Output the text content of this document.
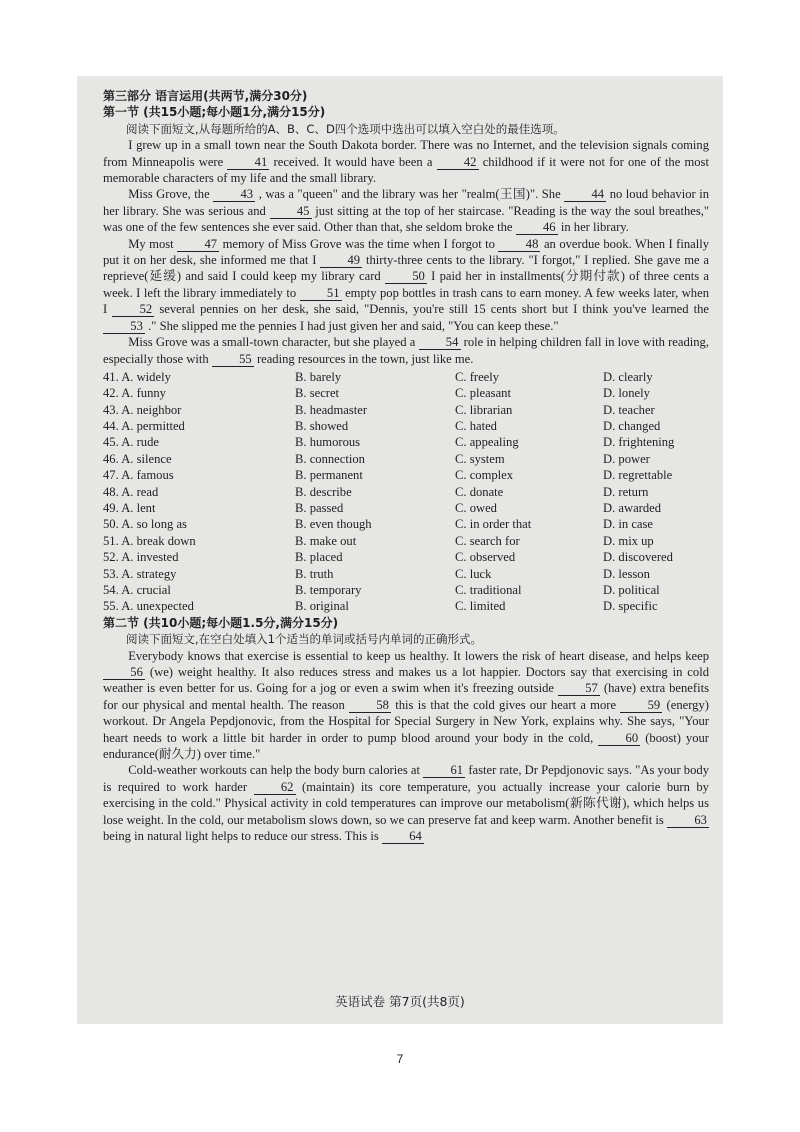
第三部分 语言运用(共两节,满分30分)

第一节 (共15小题;每小题1分,满分15分)

阅读下面短文,从每题所给的A、B、C、D四个选项中选出可以填入空白处的最佳选项。

I grew up in a small town near the South Dakota border. There was no Internet, and the television signals coming from Minneapolis were 41 received. It would have been a 42 childhood if it were not for one of the most memorable characters of my life and the small library.

Miss Grove, the 43 , was a "queen" and the library was her "realm(王国)". She 44 no loud behavior in her library. She was serious and 45 just sitting at the top of her staircase. "Reading is the way the soul breathes," was one of the few sentences she ever said. Other than that, she seldom broke the 46 in her library.

My most 47 memory of Miss Grove was the time when I forgot to 48 an overdue book. When I finally put it on her desk, she informed me that I 49 thirty-three cents to the library. "I forgot," I replied. She gave me a reprieve(延缓) and said I could keep my library card	50 I paid her in installments(分期付款) of three cents a week. I left the library immediately to 51 empty pop bottles in trash cans to earn money. A few weeks later, when I	52 several pennies on her desk, she said, "Dennis, you're still 15 cents short but I think you've learned the 53 ." She slipped me the pennies I had just given her and said, "You can keep these."

Miss Grove was a small-town character, but she played a 54 role in helping children fall in love with reading, especially those with 55 reading resources in the town, just like me.

41. A. widely	B. barely	C. freely	D. clearly
42. A. funny	B. secret	C. pleasant	D. lonely
43. A. neighbor	B. headmaster	C. librarian	D. teacher
44. A. permitted	B. showed	C. hated	D. changed
45. A. rude	B. humorous	C. appealing	D. frightening
46. A. silence	B. connection	C. system	D. power
47. A. famous	B. permanent	C. complex	D. regrettable
48. A. read	B. describe	C. donate	D. return
49. A. lent	B. passed	C. owed	D. awarded
50. A. so long as	B. even though	C. in order that	D. in case
51. A. break down	B. make out	C. search for	D. mix up
52. A. invested	B. placed	C. observed	D. discovered
53. A. strategy	B. truth	C. luck	D. lesson
54. A. crucial	B. temporary	C. traditional	D. political
55. A. unexpected	B. original	C. limited	D. specific

第二节 (共10小题;每小题1.5分,满分15分)

阅读下面短文,在空白处填入1个适当的单词或括号内单词的正确形式。

Everybody knows that exercise is essential to keep us healthy. It lowers the risk of heart disease, and helps keep 56 (we) weight healthy. It also reduces stress and makes us a lot happier. Doctors say that exercising in cold weather is even better for us. Going for a jog or even a swim when it's freezing outside 57 (have) extra benefits for our physical and mental health. The reason	58 this is that the cold gives our heart a more	59 (energy) workout. Dr Angela Pepdjonovic, from the Hospital for Special Surgery in New York, explains why. She says, "Your heart needs to work a little bit harder in order to pump blood around your body in the cold,	60 (boost) your endurance(耐久力) over time."

Cold-weather workouts can help the body burn calories at 61 faster rate, Dr Pepdjonovic says. "As your body is required to work harder	62 (maintain) its core temperature, you actually increase your calorie burn by exercising in the cold." Physical activity in cold temperatures can improve our metabolism(新陈代谢), which helps us lose weight. In the cold, our metabolism slows down, so we can preserve fat and keep warm. Another benefit is 63 being in natural light helps to reduce our stress. This is 64

英语试卷 第7页(共8页)
7
